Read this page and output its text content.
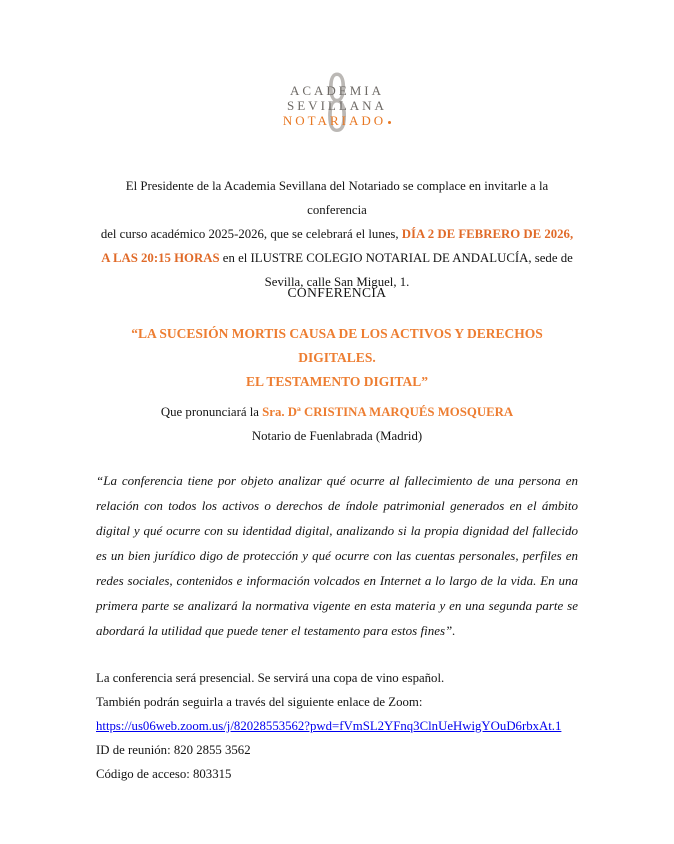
8
ACADEMIA
SEVILLANA
NOTARIADO
El Presidente de la Academia Sevillana del Notariado se complace en invitarle a la conferencia
del curso académico 2025-2026, que se celebrará el lunes, DÍA 2 DE FEBRERO DE 2026,
A LAS 20:15 HORAS en el ILUSTRE COLEGIO NOTARIAL DE ANDALUCÍA, sede de
Sevilla, calle San Miguel, 1.
CONFERENCIA
“LA SUCESIÓN MORTIS CAUSA DE LOS ACTIVOS Y DERECHOS DIGITALES.
EL TESTAMENTO DIGITAL”
Que pronunciará la Sra. Dª CRISTINA MARQUÉS MOSQUERA
Notario de Fuenlabrada (Madrid)
“La conferencia tiene por objeto analizar qué ocurre al fallecimiento de una persona en relación con todos los activos o derechos de índole patrimonial generados en el ámbito digital y qué ocurre con su identidad digital, analizando si la propia dignidad del fallecido es un bien jurídico digo de protección y qué ocurre con las cuentas personales, perfiles en redes sociales, contenidos e información volcados en Internet a lo largo de la vida. En una primera parte se analizará la normativa vigente en esta materia y en una segunda parte se abordará la utilidad que puede tener el testamento para estos fines”.
La conferencia será presencial. Se servirá una copa de vino español.
También podrán seguirla a través del siguiente enlace de Zoom:
https://us06web.zoom.us/j/82028553562?pwd=fVmSL2YFnq3ClnUeHwigYOuD6rbxAt.1
ID de reunión: 820 2855 3562
Código de acceso: 803315
